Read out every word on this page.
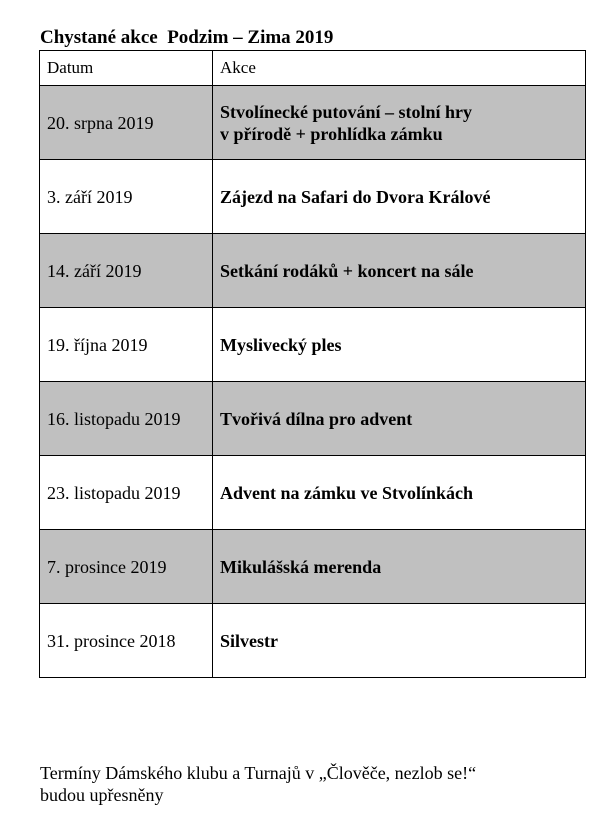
Chystané akce  Podzim – Zima 2019
Datum	Akce
20. srpna 2019	Stvolínecké putování – stolní hry
v přírodě + prohlídka zámku
3. září 2019	Zájezd na Safari do Dvora Králové
14. září 2019	Setkání rodáků + koncert na sále
19. října 2019	Myslivecký ples
16. listopadu 2019	Tvořivá dílna pro advent
23. listopadu 2019	Advent na zámku ve Stvolínkách
7. prosince 2019	Mikulášská merenda
31. prosince 2018	Silvestr
Termíny Dámského klubu a Turnajů v „Člověče, nezlob se!“
budou upřesněny
